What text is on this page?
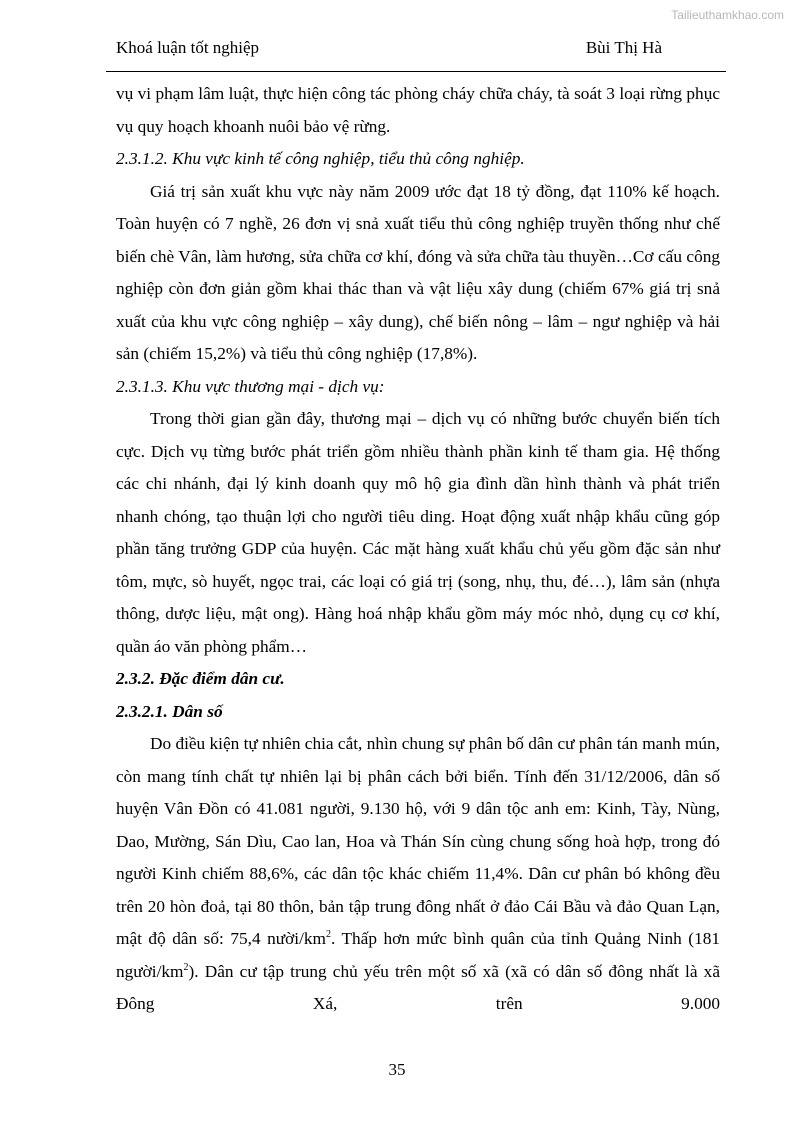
Tailieuthamkhao.com
Khoá luận tốt nghiệp	Bùi Thị Hà

vụ vi phạm lâm luật, thực hiện công tác phòng cháy chữa cháy, tà soát 3 loại rừng phục vụ quy hoạch khoanh nuôi bảo vệ rừng.

2.3.1.2. Khu vực kinh tế công nghiệp, tiểu thủ công nghiệp.

Giá trị sản xuất khu vực này năm 2009 ước đạt 18 tỷ đồng, đạt 110% kế hoạch. Toàn huyện có 7 nghề, 26 đơn vị snả xuất tiểu thủ công nghiệp truyền thống như chế biến chè Vân, làm hương, sửa chữa cơ khí, đóng và sửa chữa tàu thuyền…Cơ cấu công nghiệp còn đơn giản gồm khai thác than và vật liệu xây dung (chiếm 67% giá trị snả xuất của khu vực công nghiệp – xây dung), chế biến nông – lâm – ngư nghiệp và hải sản (chiếm 15,2%) và tiểu thủ công nghiệp (17,8%).

2.3.1.3. Khu vực thương mại - dịch vụ:

Trong thời gian gần đây, thương mại – dịch vụ có những bước chuyển biến tích cực. Dịch vụ từng bước phát triển gồm nhiều thành phần kinh tế tham gia. Hệ thống các chi nhánh, đại lý kinh doanh quy mô hộ gia đình dần hình thành và phát triển nhanh chóng, tạo thuận lợi cho người tiêu ding. Hoạt động xuất nhập khẩu cũng góp phần tăng trưởng GDP của huyện. Các mặt hàng xuất khẩu chủ yếu gồm đặc sản như tôm, mực, sò huyết, ngọc trai, các loại có giá trị (song, nhụ, thu, đé…), lâm sản (nhựa thông, dược liệu, mật ong). Hàng hoá nhập khẩu gồm máy móc nhỏ, dụng cụ cơ khí, quần áo văn phòng phẩm…

2.3.2. Đặc điểm dân cư.

2.3.2.1. Dân số

Do điều kiện tự nhiên chia cắt, nhìn chung sự phân bố dân cư phân tán manh mún, còn mang tính chất tự nhiên lại bị phân cách bởi biển. Tính đến 31/12/2006, dân số huyện Vân Đồn có 41.081 người, 9.130 hộ, với 9 dân tộc anh em: Kinh, Tày, Nùng, Dao, Mường, Sán Dìu, Cao lan, Hoa và Thán Sín cùng chung sống hoà hợp, trong đó người Kinh chiếm 88,6%, các dân tộc khác chiếm 11,4%. Dân cư phân bó không đều trên 20 hòn đoả, tại 80 thôn, bản tập trung đông nhất ở đảo Cái Bầu và đảo Quan Lạn, mật độ dân số: 75,4 nười/$km^2$. Thấp hơn mức bình quân của tỉnh Quảng Ninh (181 người/$km^2$). Dân cư tập trung chủ yếu trên một số xã (xã có dân số đông nhất là xã Đông Xá, trên 9.000

35
